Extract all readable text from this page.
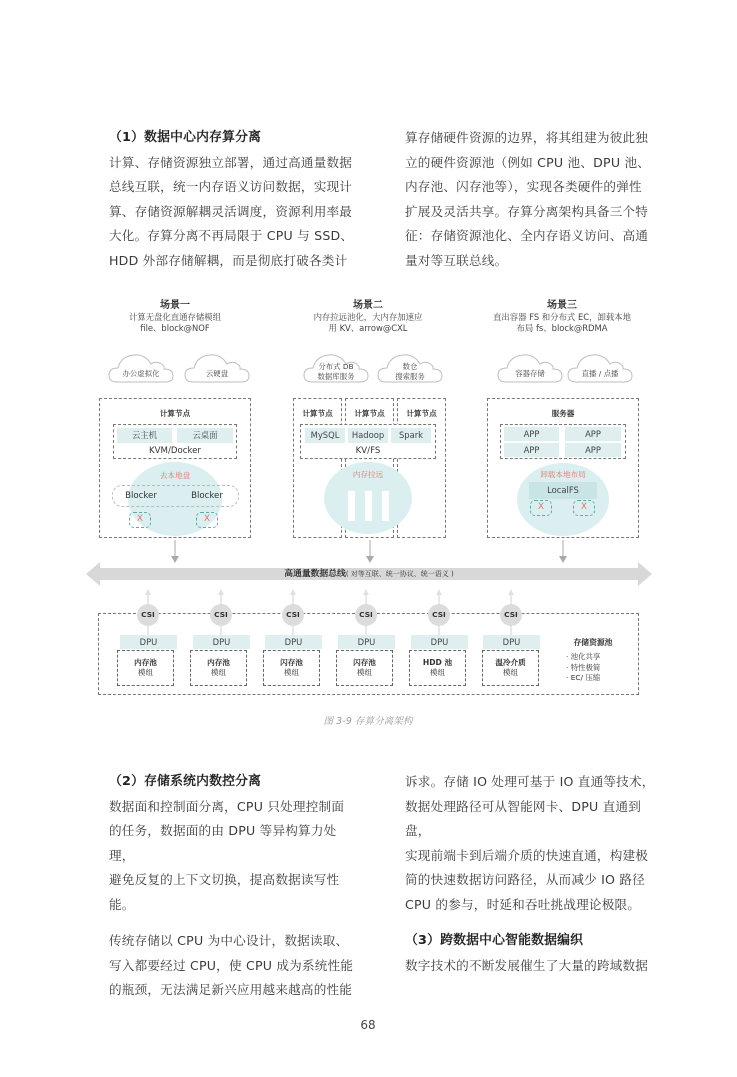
（1）数据中心内存算分离

计算、存储资源独立部署，通过高通量数据

总线互联，统一内存语义访问数据，实现计

算、存储资源解耦灵活调度，资源利用率最

大化。存算分离不再局限于 CPU 与 SSD、

HDD 外部存储解耦，而是彻底打破各类计

算存储硬件资源的边界，将其组建为彼此独

立的硬件资源池（例如 CPU 池、DPU 池、

内存池、闪存池等），实现各类硬件的弹性

扩展及灵活共享。存算分离架构具备三个特

征：存储资源池化、全内存语义访问、高通

量对等互联总线。

场景一
计算无盘化直通存储模组
file、block@NOF
场景二
内存拉远池化，大内存加速应
用 KV、arrow@CXL
场景三
直出容器 FS 和分布式 EC，卸载本地
布局 fs、block@RDMA
办公虚拟化	云硬盘
分布式 DB
数据库服务
数仓
搜索服务	容器存储	直播 / 点播
计算节点
云主机	云桌面
KVM/Docker
去本地盘
Blocker	Blocker
X	X
计算节点	计算节点	计算节点
MySQL	Hadoop	Spark
KV/FS
内存拉远
服务器
APP	APP
APP	APP
卸载本地布局
LocalFS
X	X
高通量数据总线( 对等互联、统一协议、统一语义 )
CSI	CSI	CSI	CSI	CSI	CSI
DPU	DPU	DPU	DPU	DPU	DPU
内存池
模组
内存池
模组
闪存池
模组
闪存池
模组
HDD 池
模组
温冷介质
模组
存储资源池
· 池化共享
· 特性极简
· EC/ 压缩
图 3-9 存算分离架构
（2）存储系统内数控分离

数据面和控制面分离，CPU 只处理控制面

的任务，数据面的由 DPU 等异构算力处理，

避免反复的上下文切换，提高数据读写性能。

传统存储以 CPU 为中心设计，数据读取、

写入都要经过 CPU，使 CPU 成为系统性能

的瓶颈，无法满足新兴应用越来越高的性能

诉求。存储 IO 处理可基于 IO 直通等技术，

数据处理路径可从智能网卡、DPU 直通到盘，

实现前端卡到后端介质的快速直通，构建极

简的快速数据访问路径，从而减少 IO 路径

CPU 的参与，时延和吞吐挑战理论极限。

（3）跨数据中心智能数据编织

数字技术的不断发展催生了大量的跨域数据

68
